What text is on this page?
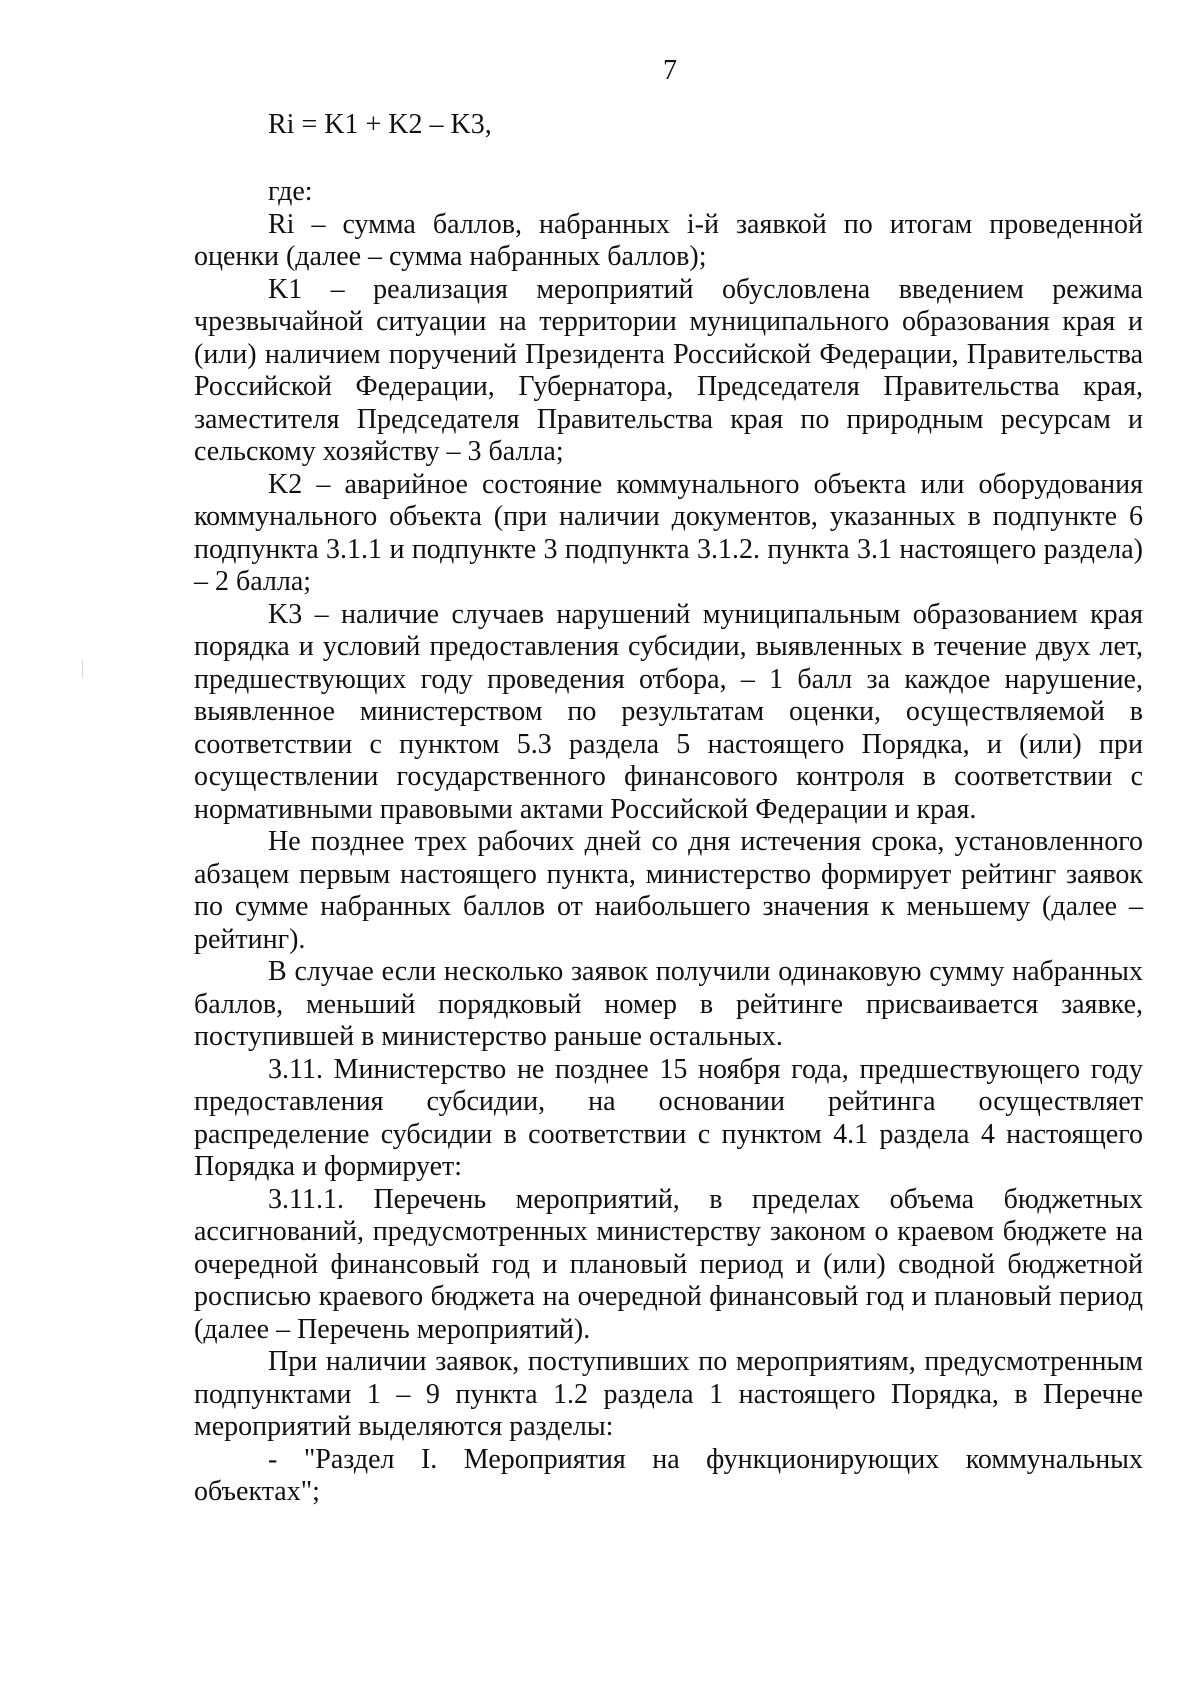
7
Ri = K1 + K2 – K3,

где:

Ri – сумма баллов, набранных i-й заявкой по итогам проведенной оценки (далее – сумма набранных баллов);

K1 – реализация мероприятий обусловлена введением режима чрезвычайной ситуации на территории муниципального образования края и (или) наличием поручений Президента Российской Федерации, Правительства Российской Федерации, Губернатора, Председателя Правительства края, заместителя Председателя Правительства края по природным ресурсам и сельскому хозяйству – 3 балла;

K2 – аварийное состояние коммунального объекта или оборудования коммунального объекта (при наличии документов, указанных в подпункте 6 подпункта 3.1.1 и подпункте 3 подпункта 3.1.2. пункта 3.1 настоящего раздела) – 2 балла;

K3 – наличие случаев нарушений муниципальным образованием края порядка и условий предоставления субсидии, выявленных в течение двух лет, предшествующих году проведения отбора, – 1 балл за каждое нарушение, выявленное министерством по результатам оценки, осуществляемой в соответствии с пунктом 5.3 раздела 5 настоящего Порядка, и (или) при осуществлении государственного финансового контроля в соответствии с нормативными правовыми актами Российской Федерации и края.

Не позднее трех рабочих дней со дня истечения срока, установленного абзацем первым настоящего пункта, министерство формирует рейтинг заявок по сумме набранных баллов от наибольшего значения к меньшему (далее – рейтинг).

В случае если несколько заявок получили одинаковую сумму набранных баллов, меньший порядковый номер в рейтинге присваивается заявке, поступившей в министерство раньше остальных.

3.11. Министерство не позднее 15 ноября года, предшествующего году предоставления субсидии, на основании рейтинга осуществляет распределение субсидии в соответствии с пунктом 4.1 раздела 4 настоящего Порядка и формирует:

3.11.1. Перечень мероприятий, в пределах объема бюджетных ассигнований, предусмотренных министерству законом о краевом бюджете на очередной финансовый год и плановый период и (или) сводной бюджетной росписью краевого бюджета на очередной финансовый год и плановый период (далее – Перечень мероприятий).

При наличии заявок, поступивших по мероприятиям, предусмотренным подпунктами 1 – 9 пункта 1.2 раздела 1 настоящего Порядка, в Перечне мероприятий выделяются разделы:

- "Раздел I. Мероприятия на функционирующих коммунальных объектах";
